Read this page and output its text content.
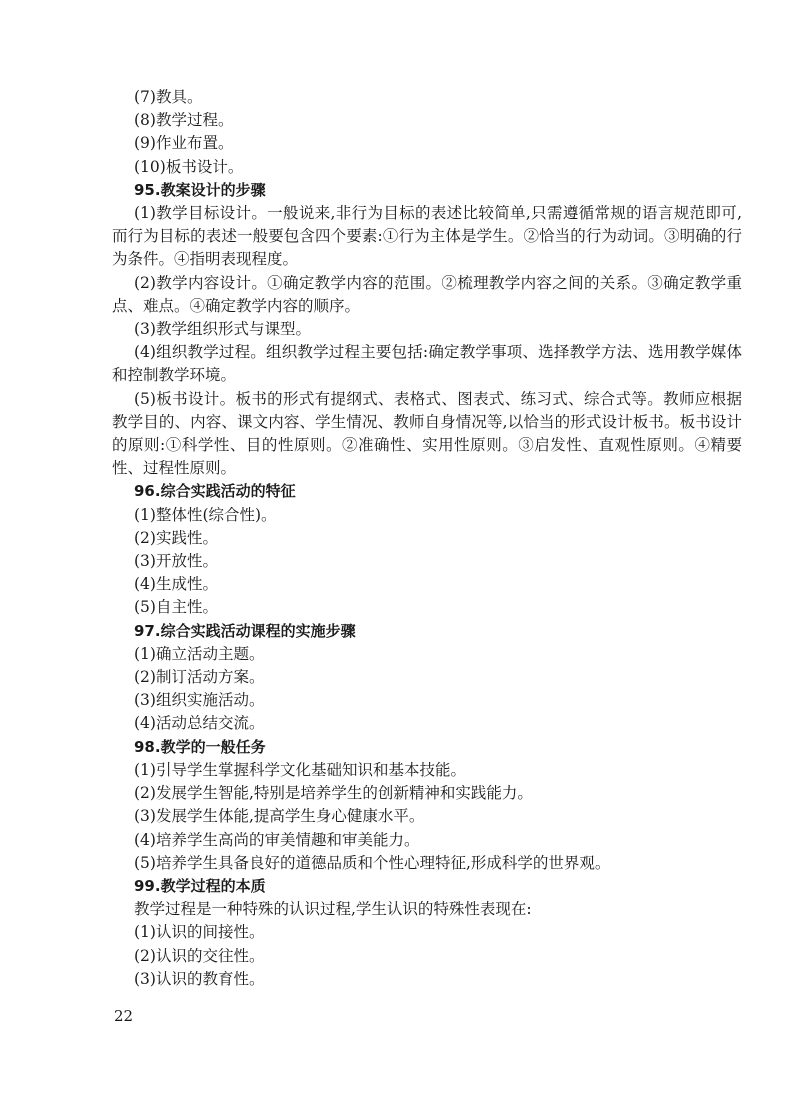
(7)教具。
(8)教学过程。
(9)作业布置。
(10)板书设计。
95.教案设计的步骤
(1)教学目标设计。一般说来,非行为目标的表述比较简单,只需遵循常规的语言规范即可,而行为目标的表述一般要包含四个要素:①行为主体是学生。②恰当的行为动词。③明确的行为条件。④指明表现程度。
(2)教学内容设计。①确定教学内容的范围。②梳理教学内容之间的关系。③确定教学重点、难点。④确定教学内容的顺序。
(3)教学组织形式与课型。
(4)组织教学过程。组织教学过程主要包括:确定教学事项、选择教学方法、选用教学媒体和控制教学环境。
(5)板书设计。板书的形式有提纲式、表格式、图表式、练习式、综合式等。教师应根据教学目的、内容、课文内容、学生情况、教师自身情况等,以恰当的形式设计板书。板书设计的原则:①科学性、目的性原则。②准确性、实用性原则。③启发性、直观性原则。④精要性、过程性原则。
96.综合实践活动的特征
(1)整体性(综合性)。
(2)实践性。
(3)开放性。
(4)生成性。
(5)自主性。
97.综合实践活动课程的实施步骤
(1)确立活动主题。
(2)制订活动方案。
(3)组织实施活动。
(4)活动总结交流。
98.教学的一般任务
(1)引导学生掌握科学文化基础知识和基本技能。
(2)发展学生智能,特别是培养学生的创新精神和实践能力。
(3)发展学生体能,提高学生身心健康水平。
(4)培养学生高尚的审美情趣和审美能力。
(5)培养学生具备良好的道德品质和个性心理特征,形成科学的世界观。
99.教学过程的本质
教学过程是一种特殊的认识过程,学生认识的特殊性表现在:
(1)认识的间接性。
(2)认识的交往性。
(3)认识的教育性。
22
